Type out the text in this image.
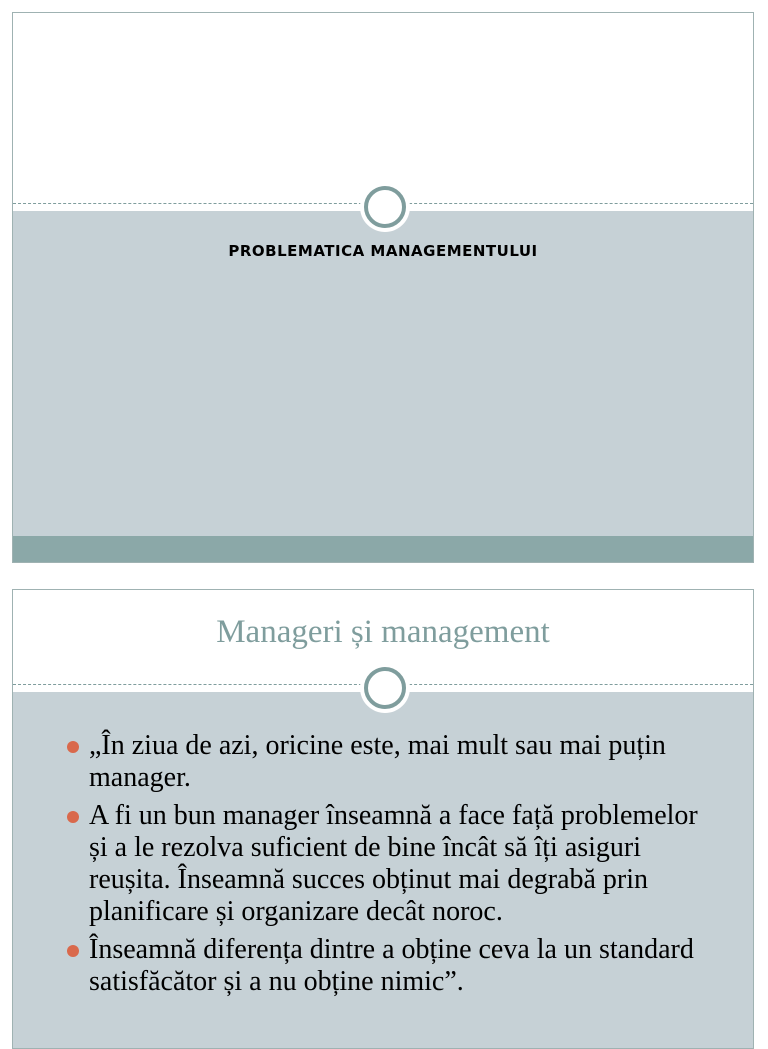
PROBLEMATICA MANAGEMENTULUI
Manageri și management
„În ziua de azi, oricine este, mai mult sau mai puțin manager.
A fi un bun manager înseamnă a face față problemelor și a le rezolva suficient de bine încât să îți asiguri reușita. Înseamnă succes obținut mai degrabă prin planificare și organizare decât noroc.
Înseamnă diferența dintre a obține ceva la un standard satisfăcător și a nu obține nimic”.
